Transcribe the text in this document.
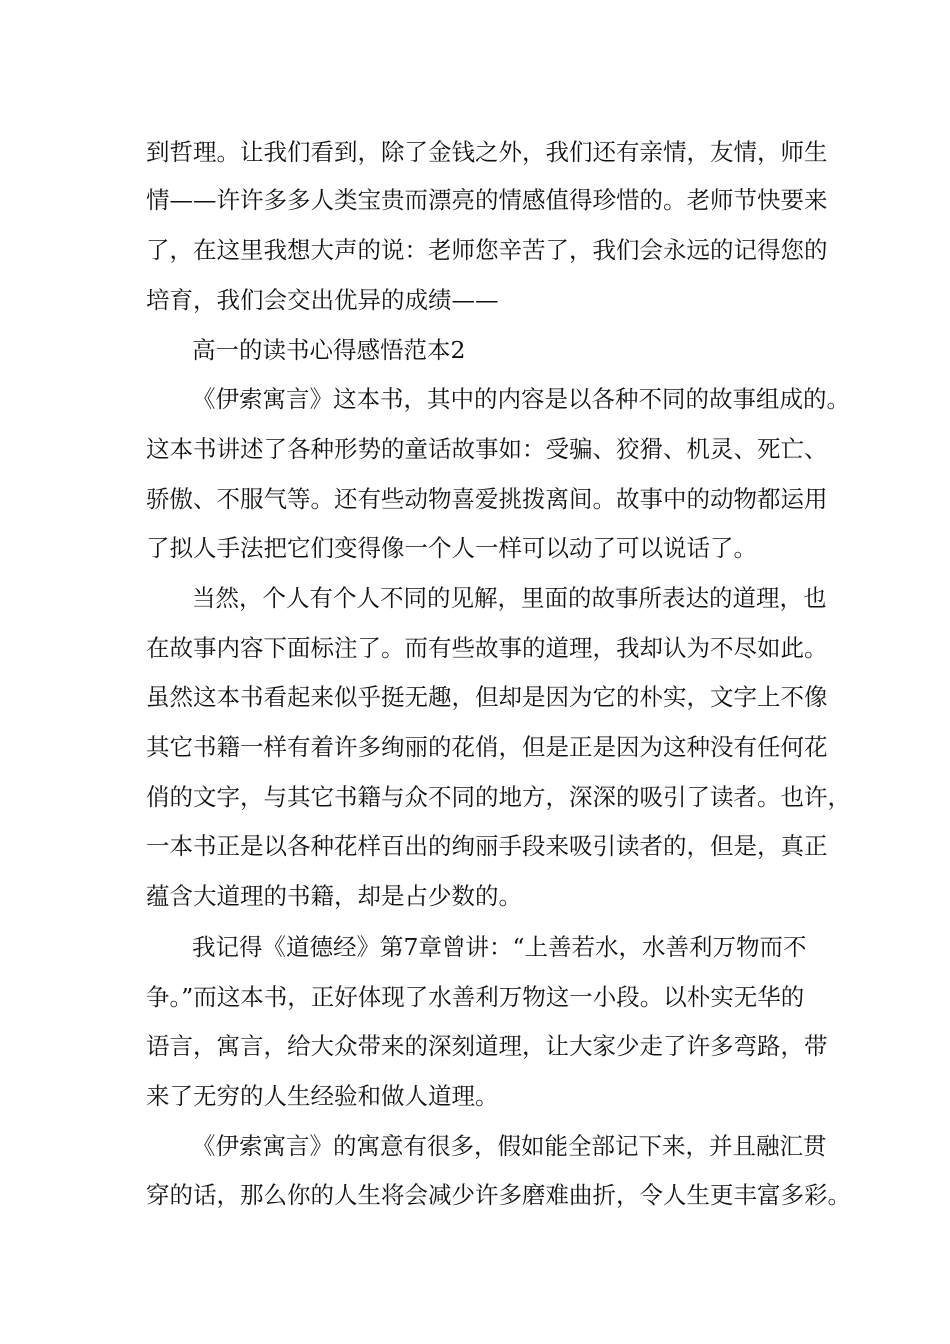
到哲理。让我们看到，除了金钱之外，我们还有亲情，友情，师生
情——许许多多人类宝贵而漂亮的情感值得珍惜的。老师节快要来
了，在这里我想大声的说：老师您辛苦了，我们会永远的记得您的
培育，我们会交出优异的成绩——
高一的读书心得感悟范本2
《伊索寓言》这本书，其中的内容是以各种不同的故事组成的。
这本书讲述了各种形势的童话故事如：受骗、狡猾、机灵、死亡、
骄傲、不服气等。还有些动物喜爱挑拨离间。故事中的动物都运用
了拟人手法把它们变得像一个人一样可以动了可以说话了。
当然，个人有个人不同的见解，里面的故事所表达的道理，也
在故事内容下面标注了。而有些故事的道理，我却认为不尽如此。
虽然这本书看起来似乎挺无趣，但却是因为它的朴实，文字上不像
其它书籍一样有着许多绚丽的花俏，但是正是因为这种没有任何花
俏的文字，与其它书籍与众不同的地方，深深的吸引了读者。也许，
一本书正是以各种花样百出的绚丽手段来吸引读者的，但是，真正
蕴含大道理的书籍，却是占少数的。
我记得《道德经》第7章曾讲：“上善若水，水善利万物而不
争。”而这本书，正好体现了水善利万物这一小段。以朴实无华的
语言，寓言，给大众带来的深刻道理，让大家少走了许多弯路，带
来了无穷的人生经验和做人道理。
《伊索寓言》的寓意有很多，假如能全部记下来，并且融汇贯
穿的话，那么你的人生将会减少许多磨难曲折，令人生更丰富多彩。
